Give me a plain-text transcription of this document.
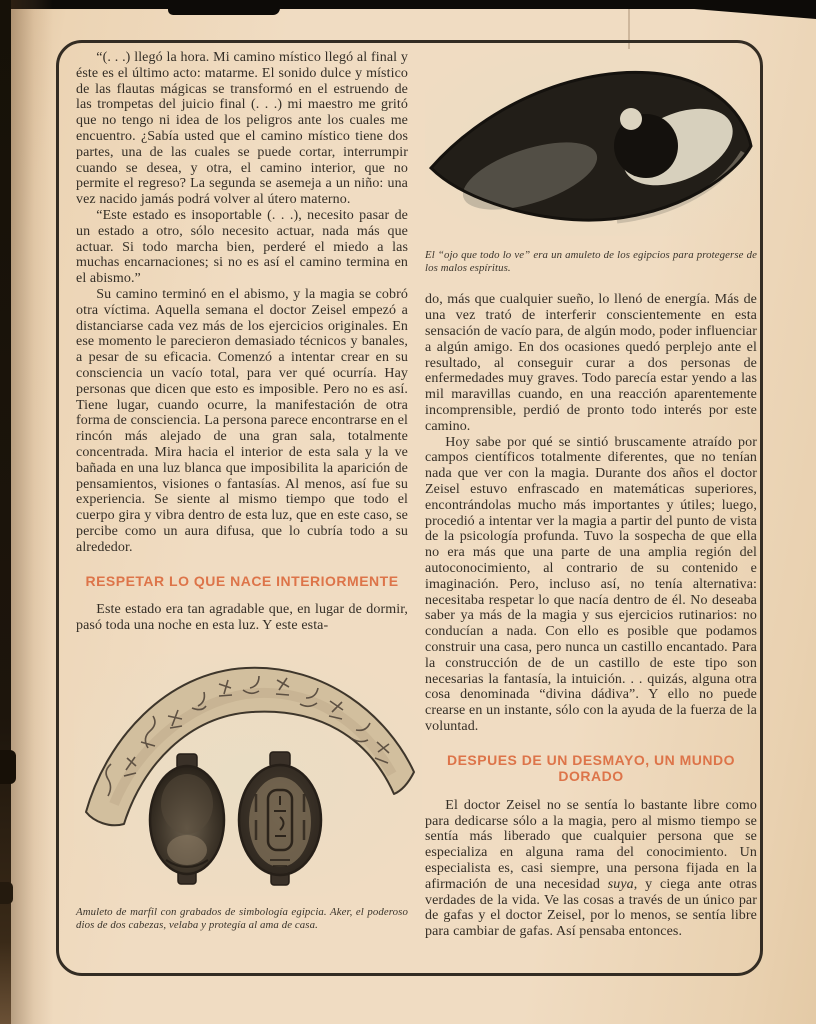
“(. . .) llegó la hora. Mi camino místico llegó al final y éste es el último acto: matarme. El sonido dulce y místico de las flautas mágicas se transformó en el estruendo de las trompetas del juicio final (. . .) mi maestro me gritó que no tengo ni idea de los peligros ante los cuales me encuentro. ¿Sabía usted que el camino místico tiene dos partes, una de las cuales se puede cortar, interrumpir cuando se desea, y otra, el camino interior, que no permite el regreso? La segunda se asemeja a un niño: una vez nacido jamás podrá volver al útero materno.

“Este estado es insoportable (. . .), necesito pasar de un estado a otro, sólo necesito actuar, nada más que actuar. Si todo marcha bien, perderé el miedo a las muchas encarnaciones; si no es así el camino termina en el abismo.”

Su camino terminó en el abismo, y la magia se cobró otra víctima. Aquella semana el doctor Zeisel empezó a distanciarse cada vez más de los ejercicios originales. En ese momento le parecieron demasiado técnicos y banales, a pesar de su eficacia. Comenzó a intentar crear en su consciencia un vacío total, para ver qué ocurría. Hay personas que dicen que esto es imposible. Pero no es así. Tiene lugar, cuando ocurre, la manifestación de otra forma de consciencia. La persona parece encontrarse en el rincón más alejado de una gran sala, totalmente concentrada. Mira hacia el interior de esta sala y la ve bañada en una luz blanca que imposibilita la aparición de pensamientos, visiones o fantasías. Al menos, así fue su experiencia. Se siente al mismo tiempo que todo el cuerpo gira y vibra dentro de esta luz, que en este caso, se percibe como un aura difusa, que lo cubría todo a su alrededor.

RESPETAR LO QUE NACE INTERIORMENTE

Este estado era tan agradable que, en lugar de dormir, pasó toda una noche en esta luz. Y este esta-

Amuleto de marfil con grabados de simbología egipcia. Aker, el poderoso dios de dos cabezas, velaba y protegía al ama de casa.

El “ojo que todo lo ve” era un amuleto de los egipcios para protegerse de los malos espíritus.

do, más que cualquier sueño, lo llenó de energía. Más de una vez trató de interferir conscientemente en esta sensación de vacío para, de algún modo, poder influenciar a algún amigo. En dos ocasiones quedó perplejo ante el resultado, al conseguir curar a dos personas de enfermedades muy graves. Todo parecía estar yendo a las mil maravillas cuando, en una reacción aparentemente incomprensible, perdió de pronto todo interés por este camino.

Hoy sabe por qué se sintió bruscamente atraído por campos científicos totalmente diferentes, que no tenían nada que ver con la magia. Durante dos años el doctor Zeisel estuvo enfrascado en matemáticas superiores, encontrándolas mucho más importantes y útiles; luego, procedió a intentar ver la magia a partir del punto de vista de la psicología profunda. Tuvo la sospecha de que ella no era más que una parte de una amplia región del autoconocimiento, al contrario de su contenido e imaginación. Pero, incluso así, no tenía alternativa: necesitaba respetar lo que nacía dentro de él. No deseaba saber ya más de la magia y sus ejercicios rutinarios: no conducían a nada. Con ello es posible que podamos construir una casa, pero nunca un castillo encantado. Para la construcción de de un castillo de este tipo son necesarias la fantasía, la intuición. . . quizás, alguna otra cosa denominada “divina dádiva”. Y ello no puede crearse en un instante, sólo con la ayuda de la fuerza de la voluntad.

DESPUES DE UN DESMAYO, UN MUNDO DORADO

El doctor Zeisel no se sentía lo bastante libre como para dedicarse sólo a la magia, pero al mismo tiempo se sentía más liberado que cualquier persona que se especializa en alguna rama del conocimiento. Un especialista es, casi siempre, una persona fijada en la afirmación de una necesidad suya, y ciega ante otras verdades de la vida. Ve las cosas a través de un único par de gafas y el doctor Zeisel, por lo menos, se sentía libre para cambiar de gafas. Así pensaba entonces.
